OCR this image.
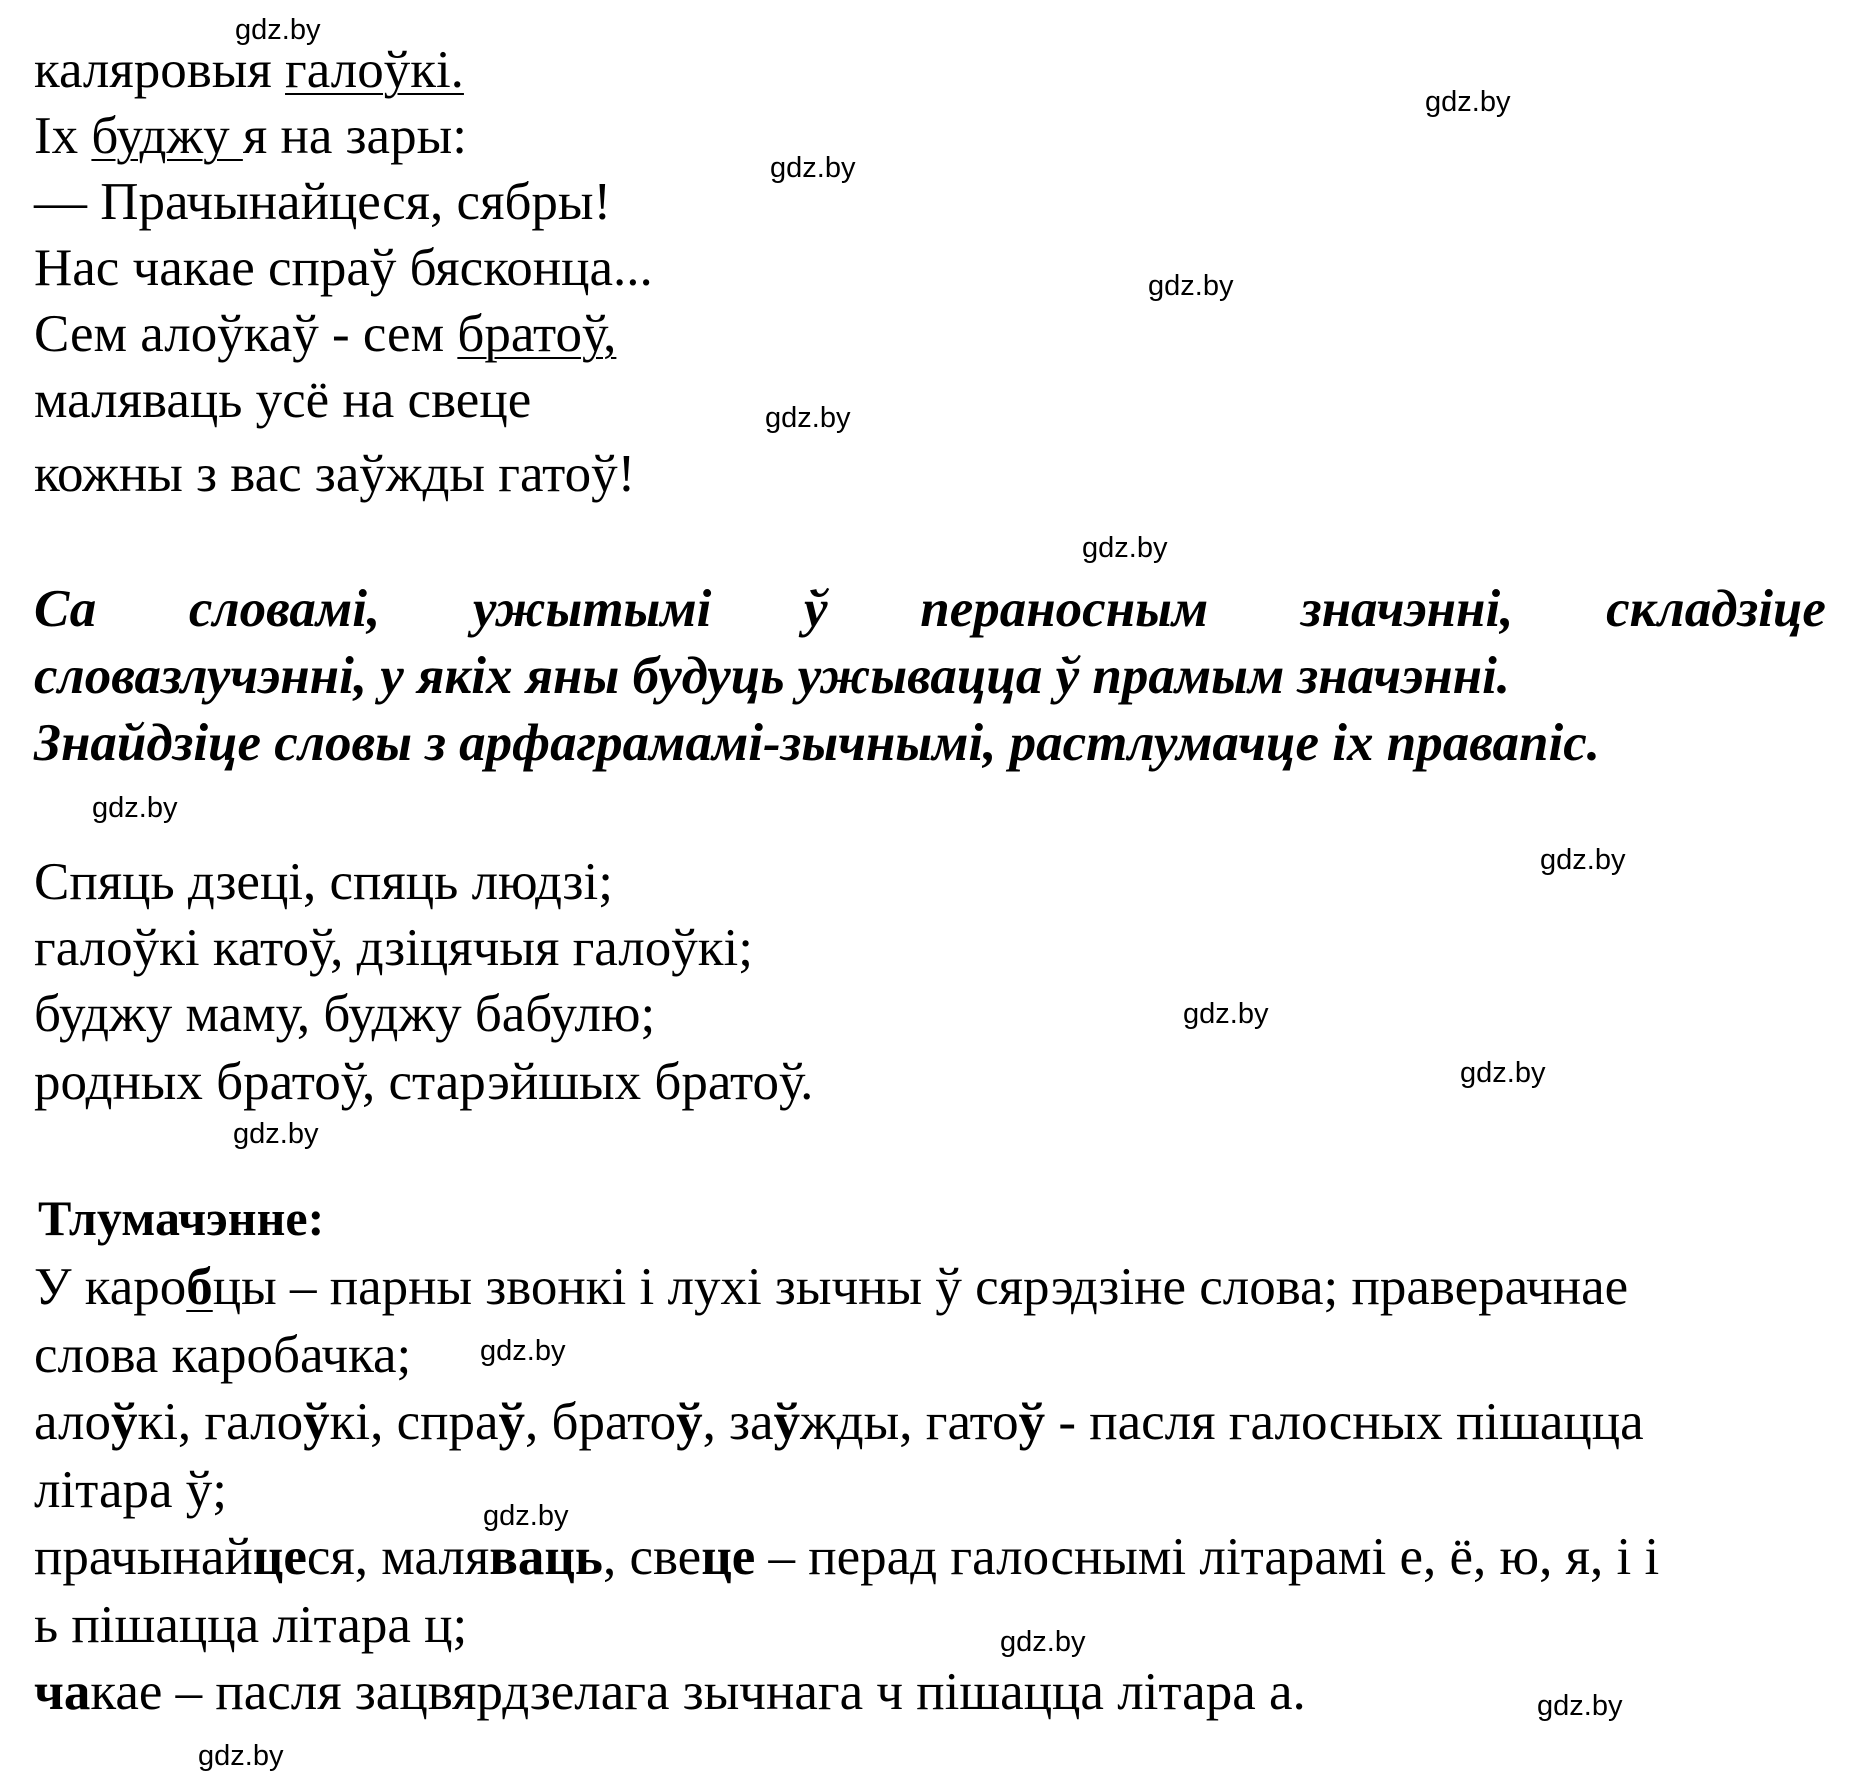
gdz.by
gdz.by
gdz.by
gdz.by
gdz.by
gdz.by
gdz.by
gdz.by
gdz.by
gdz.by
gdz.by
gdz.by
gdz.by
gdz.by
gdz.by
gdz.by
каляровыя галоўкі.
Іх буджу я на зары:
— Прачынайцеся, сябры!
Нас чакае спраў бясконца...
Сем алоўкаў - сем братоў,
маляваць усё на свеце
кожны з вас заўжды гатоў!
Са словамі, ужытымі ў пераносным значэнні, складзіце
словазлучэнні, у якіх яны будуць ужывацца ў прамым значэнні.
Знайдзіце словы з арфаграмамі-зычнымі, растлумачце іх правапіс.
Спяць дзеці, спяць людзі;
галоўкі катоў, дзіцячыя галоўкі;
буджу маму, буджу бабулю;
родных братоў, старэйшых братоў.
Тлумачэнне:
У каробцы – парны звонкі і лухі зычны ў сярэдзіне слова; праверачнае
слова каробачка;
алоўкі, галоўкі, спраў, братоў, заўжды, гатоў - пасля галосных пішацца
літара ў;
прачынайцеся, маляваць, свеце – перад галоснымі літарамі е, ё, ю, я, і і
ь пішацца літара ц;
чакае – пасля зацвярдзелага зычнага ч пішацца літара а.
